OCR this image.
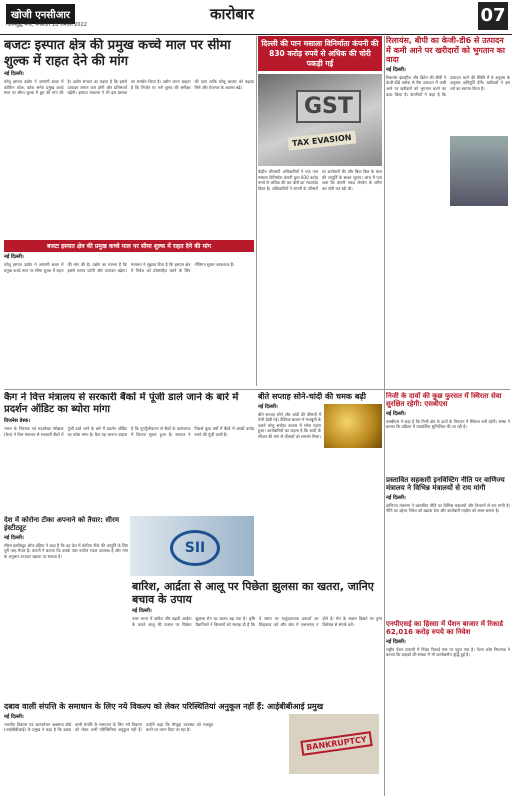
खोजी एनसीआर
गौतमबुद्ध नगर, मंगलवार 28 जनवरी 2022
कारोबार	07
बजटः इस्पात क्षेत्र की प्रमुख कच्चे माल पर सीमा शुल्क में राहत देने की मांग
नई दिल्ली।
घरेलू इस्पात उद्योग ने आगामी बजट में कोकिंग कोल, कोक समेत प्रमुख कच्चे माल पर सीमा शुल्क में छूट की मांग की है। उद्योग संगठन का कहना है कि इससे उत्पादन लागत कम होगी और प्रतिस्पर्धा बढ़ेगी। इस्पात मंत्रालय ने भी इस प्रस्ताव का समर्थन किया है। उद्योग जगत चाहता है कि निर्यात पर लगे शुल्क की समीक्षा की जाए ताकि घरेलू बाजार को बढ़ावा मिले और रोजगार के अवसर बढ़ें।
बजटः इस्पात क्षेत्र की प्रमुख कच्चे माल पर सीमा शुल्क में राहत देने की मांग
नई दिल्ली।
घरेलू इस्पात उद्योग ने आगामी बजट में प्रमुख कच्चे माल पर सीमा शुल्क में राहत की मांग की है। उद्योग का मानना है कि इससे लागत घटेगी और उत्पादन बढ़ेगा। मंत्रालय ने सुझाव दिया है कि इस्पात क्षेत्र में निवेश को प्रोत्साहित करने के लिए नीतिगत सुधार आवश्यक हैं।
दिल्ली की पान मसाला विनिर्माता कंपनी की 830 करोड़ रुपये से अधिक की चोरी पकड़ी गई
GST
TAX EVASION
केंद्रीय जीएसटी अधिकारियों ने एक पान मसाला विनिर्माता कंपनी द्वारा 830 करोड़ रुपये से अधिक की कर चोरी का भंडाफोड़ किया है। अधिकारियों ने कंपनी के परिसरों पर छापेमारी की और बिना बिल के माल की आपूर्ति के साक्ष्य जुटाए। जांच में पता चला कि कंपनी नकद लेनदेन के जरिए कर चोरी कर रही थी।
रिलायंस, बीपी का केजी-डी6 से उत्पादन में कमी आने पर खरीदारों को भुगतान का वादा
नई दिल्ली।
रिलायंस इंडस्ट्रीज और ब्रिटेन की बीपी ने केजी-डी6 ब्लॉक से गैस उत्पादन में कमी आने पर खरीदारों को भुगतान करने का वादा किया है। कंपनियों ने कहा है कि उत्पादन घटने की स्थिति में वे अनुबंध के अनुसार क्षतिपूर्ति देंगी। खरीदारों ने इस शर्त का स्वागत किया है।
कैग ने वित्त मंत्रालय से सरकारी बैंकों में पूंजी डाले जाने के बारे में प्रदर्शन ऑडिट का ब्योरा मांगा
विजनेस डेस्क।
भारत के नियंत्रक एवं महालेखा परीक्षक (कैग) ने वित्त मंत्रालय से सरकारी बैंकों में पूंजी डाले जाने के बारे में प्रदर्शन ऑडिट का ब्योरा मांगा है। कैग यह जानना चाहता है कि पुनर्पूंजीकरण से बैंकों के कामकाज में कितना सुधार हुआ है। सरकार ने पिछले कुछ वर्षों में बैंकों में लाखों करोड़ रुपये की पूंजी डाली है।
बीते सप्ताह सोने-चांदी की चमक बढ़ी
नई दिल्ली।
बीते सप्ताह सोने और चांदी की कीमतों में तेजी देखी गई। वैश्विक बाजार में मजबूती के चलते घरेलू सर्राफा बाजार में सोना महंगा हुआ। कारोबारियों का कहना है कि शादी के सीजन की मांग से कीमतों को समर्थन मिला।
निजी के दावों की कुछ फुरसत में स्थिरता सेवा सुरक्षित रहेगी: एसबीएस
नई दिल्ली।
एसबीएस ने कहा है कि निजी क्षेत्र के दावों के निपटान में स्थिरता बनी रहेगी। संस्था ने बताया कि प्रक्रिया में पारदर्शिता सुनिश्चित की जा रही है।
देश में कोरोना टीका अपनाने को तैयार: सीरम इंस्टीट्यूट
नई दिल्ली।
सीरम इंस्टीट्यूट ऑफ इंडिया ने कहा है कि वह देश में कोरोना टीके की आपूर्ति के लिए पूरी तरह तैयार है। कंपनी ने बताया कि उसके पास पर्याप्त भंडार उपलब्ध है और मांग के अनुसार उत्पादन बढ़ाया जा सकता है।
SII
बारिश, आर्द्रता से आलू पर पिछेता झुलसा का खतरा, जानिए बचाव के उपाय
नई दिल्ली।
उत्तर भारत में बारिश और बढ़ती आर्द्रता के चलते आलू की फसल पर पिछेता झुलसा रोग का खतरा बढ़ गया है। कृषि वैज्ञानिकों ने किसानों को सलाह दी है कि वे समय पर फफूंदनाशक दवाओं का छिड़काव करें और खेत में जलभराव न होने दें। रोग के लक्षण दिखने पर तुरंत विशेषज्ञ से संपर्क करें।
प्रस्तावित सहकारी इनविस्टिग नीति पर वाणिज्य मंत्रालय ने विभिन्न मंत्रालयों से राय मांगी
नई दिल्ली।
वाणिज्य मंत्रालय ने प्रस्तावित नीति पर विभिन्न मंत्रालयों और विभागों से राय मांगी है। नीति का उद्देश्य निवेश को बढ़ावा देना और कारोबारी माहौल को सरल बनाना है।
दबाव वाली संपत्ति के समाधान के लिए नये विकल्प को लेकर परिस्थितियां अनुकूल नहीं हैं: आईबीबीआई प्रमुख
नई दिल्ली।
भारतीय दिवाला एवं ऋणशोधन अक्षमता बोर्ड (आईबीबीआई) के प्रमुख ने कहा है कि दबाव वाली संपत्ति के समाधान के लिए नये विकल्प को लेकर अभी परिस्थितियां अनुकूल नहीं हैं। उन्होंने कहा कि मौजूदा व्यवस्था को मजबूत करने पर ध्यान दिया जा रहा है।
BANKRUPTCY
एनपीएसई का हिस्सा में पेंशन बाजार में रिकार्ड 62,016 करोड़ रुपये का निवेश
नई दिल्ली।
राष्ट्रीय पेंशन प्रणाली में निवेश रिकार्ड स्तर पर पहुंच गया है। पेंशन कोष नियामक ने बताया कि ग्राहकों की संख्या में भी उल्लेखनीय वृद्धि हुई है।
